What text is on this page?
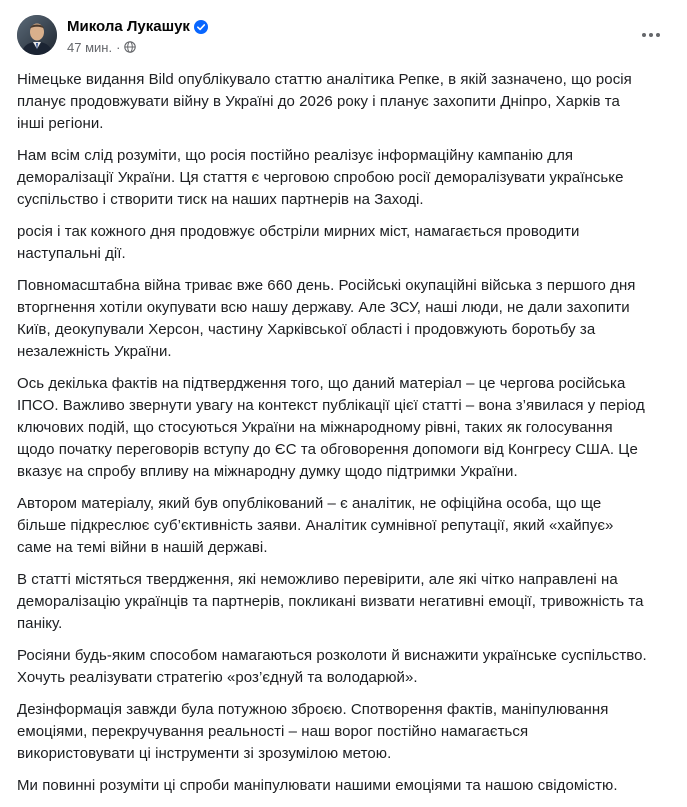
Микола Лукашук
47 мин. ·

Німецьке видання Bild опублікувало статтю аналітика Репке, в якій зазначено, що росія планує продовжувати війну в Україні до 2026 року і планує захопити Дніпро, Харків та інші регіони.

Нам всім слід розуміти, що росія постійно реалізує інформаційну кампанію для деморалізації України. Ця стаття є черговою спробою росії деморалізувати українське суспільство і створити тиск на наших партнерів на Заході.

росія і так кожного дня продовжує обстріли мирних міст, намагається проводити наступальні дії.

Повномасштабна війна триває вже 660 день. Російські окупаційні війська з першого дня вторгнення хотіли окупувати всю нашу державу. Але ЗСУ, наші люди, не дали захопити Київ, деокупували Херсон, частину Харківської області і продовжують боротьбу за незалежність України.

Ось декілька фактів на підтвердження того, що даний матеріал – це чергова російська ІПСО. Важливо звернути увагу на контекст публікації цієї статті – вона з’явилася у період ключових подій, що стосуються України на міжнародному рівні, таких як голосування щодо початку переговорів вступу до ЄС та обговорення допомоги від Конгресу США. Це вказує на спробу впливу на міжнародну думку щодо підтримки України.

Автором матеріалу, який був опублікований – є аналітик, не офіційна особа, що ще більше підкреслює суб’єктивність заяви. Аналітик сумнівної репутації, який «хайпує» саме на темі війни в нашій державі.

В статті містяться твердження, які неможливо перевірити, але які чітко направлені на деморалізацію українців та партнерів, покликані визвати негативні емоції, тривожність та паніку.

Росіяни будь-яким способом намагаються розколоти й виснажити українське суспільство. Хочуть реалізувати стратегію «роз’єднуй та володарюй».

Дезінформація завжди була потужною зброєю. Спотворення фактів, маніпулювання емоціями, перекручування реальності – наш ворог постійно намагається використовувати ці інструменти зі зрозумілою метою.

Ми повинні розуміти ці спроби маніпулювати нашими емоціями та нашою свідомістю.
